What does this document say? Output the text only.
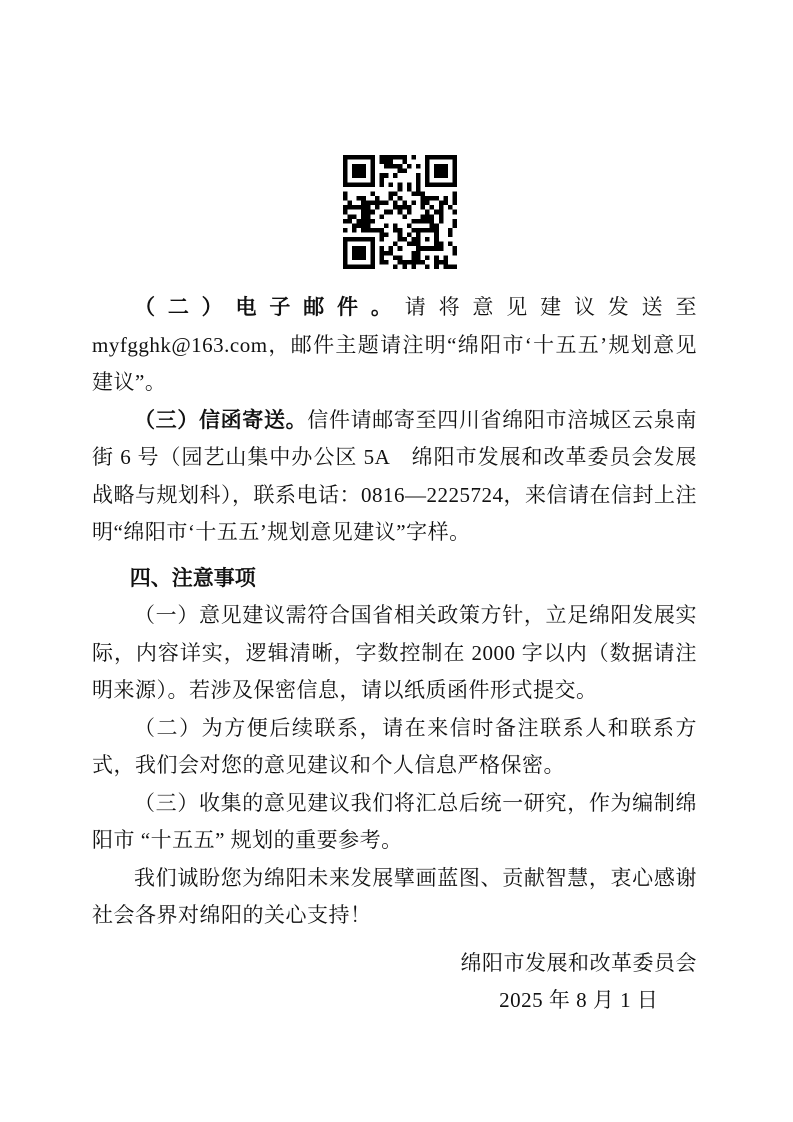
（二）电子邮件。请将意见建议发送至 myfgghk@163.com，邮件主题请注明“绵阳市‘十五五’规划意见建议”。

（三）信函寄送。信件请邮寄至四川省绵阳市涪城区云泉南街 6 号（园艺山集中办公区 5A　绵阳市发展和改革委员会发展战略与规划科），联系电话：0816—2225724，来信请在信封上注明“绵阳市‘十五五’规划意见建议”字样。

四、注意事项

（一）意见建议需符合国省相关政策方针，立足绵阳发展实际，内容详实，逻辑清晰，字数控制在 2000 字以内（数据请注明来源）。若涉及保密信息，请以纸质函件形式提交。

（二）为方便后续联系，请在来信时备注联系人和联系方式，我们会对您的意见建议和个人信息严格保密。

（三）收集的意见建议我们将汇总后统一研究，作为编制绵阳市 “十五五” 规划的重要参考。

我们诚盼您为绵阳未来发展擘画蓝图、贡献智慧，衷心感谢社会各界对绵阳的关心支持！

绵阳市发展和改革委员会
2025 年 8 月 1 日
